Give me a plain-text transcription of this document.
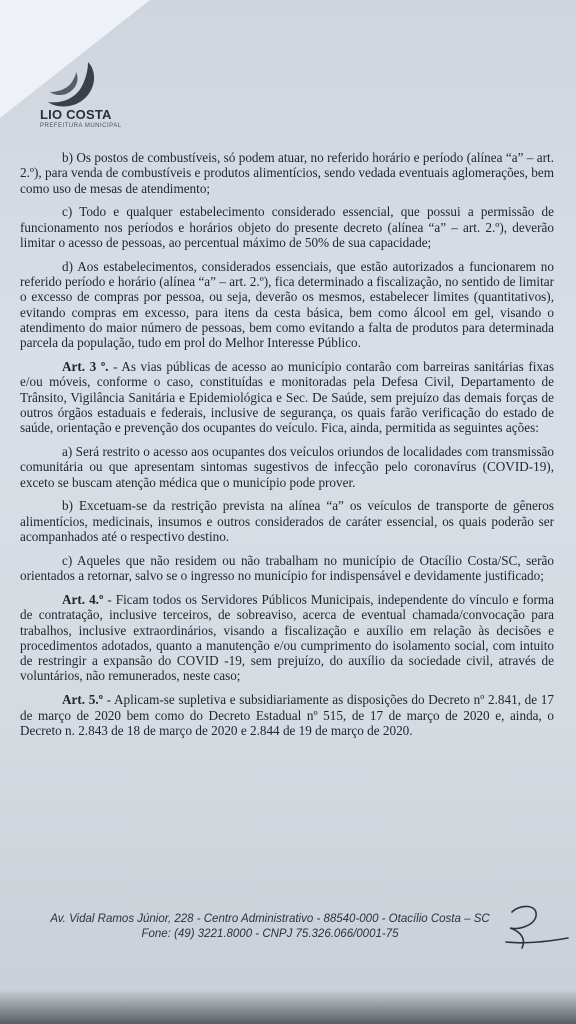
LIO COSTA
PREFEITURA MUNICIPAL

b) Os postos de combustíveis, só podem atuar, no referido horário e período (alínea “a” – art. 2.º), para venda de combustíveis e produtos alimentícios, sendo vedada eventuais aglomerações, bem como uso de mesas de atendimento;

c) Todo e qualquer estabelecimento considerado essencial, que possui a permissão de funcionamento nos períodos e horários objeto do presente decreto (alínea “a” – art. 2.º), deverão limitar o acesso de pessoas, ao percentual máximo de 50% de sua capacidade;

d) Aos estabelecimentos, considerados essenciais, que estão autorizados a funcionarem no referido período e horário (alínea “a” – art. 2.º), fica determinado a fiscalização, no sentido de limitar o excesso de compras por pessoa, ou seja, deverão os mesmos, estabelecer limites (quantitativos), evitando compras em excesso, para itens da cesta básica, bem como álcool em gel, visando o atendimento do maior número de pessoas, bem como evitando a falta de produtos para determinada parcela da população, tudo em prol do Melhor Interesse Público.

Art. 3 º. - As vias públicas de acesso ao município contarão com barreiras sanitárias fixas e/ou móveis, conforme o caso, constituídas e monitoradas pela Defesa Civil, Departamento de Trânsito, Vigilância Sanitária e Epidemiológica e Sec. De Saúde, sem prejuízo das demais forças de outros órgãos estaduais e federais, inclusive de segurança, os quais farão verificação do estado de saúde, orientação e prevenção dos ocupantes do veículo. Fica, ainda, permitida as seguintes ações:

a) Será restrito o acesso aos ocupantes dos veículos oriundos de localidades com transmissão comunitária ou que apresentam sintomas sugestivos de infecção pelo coronavírus (COVID-19), exceto se buscam atenção médica que o município pode prover.

b) Excetuam-se da restrição prevista na alínea “a” os veículos de transporte de gêneros alimentícios, medicinais, insumos e outros considerados de caráter essencial, os quais poderão ser acompanhados até o respectivo destino.

c) Aqueles que não residem ou não trabalham no município de Otacílio Costa/SC, serão orientados a retornar, salvo se o ingresso no município for indispensável e devidamente justificado;

Art. 4.º - Ficam todos os Servidores Públicos Municipais, independente do vínculo e forma de contratação, inclusive terceiros, de sobreaviso, acerca de eventual chamada/convocação para trabalhos, inclusive extraordinários, visando a fiscalização e auxílio em relação às decisões e procedimentos adotados, quanto a manutenção e/ou cumprimento do isolamento social, com intuito de restringir a expansão do COVID -19, sem prejuízo, do auxílio da sociedade civil, através de voluntários, não remunerados, neste caso;

Art. 5.º - Aplicam-se supletiva e subsidiariamente as disposições do Decreto nº 2.841, de 17 de março de 2020 bem como do Decreto Estadual nº 515, de 17 de março de 2020 e, ainda, o Decreto n. 2.843 de 18 de março de 2020 e 2.844 de 19 de março de 2020.

Av. Vidal Ramos Júnior, 228 - Centro Administrativo - 88540-000 - Otacílio Costa – SC
Fone: (49) 3221.8000 - CNPJ 75.326.066/0001-75
